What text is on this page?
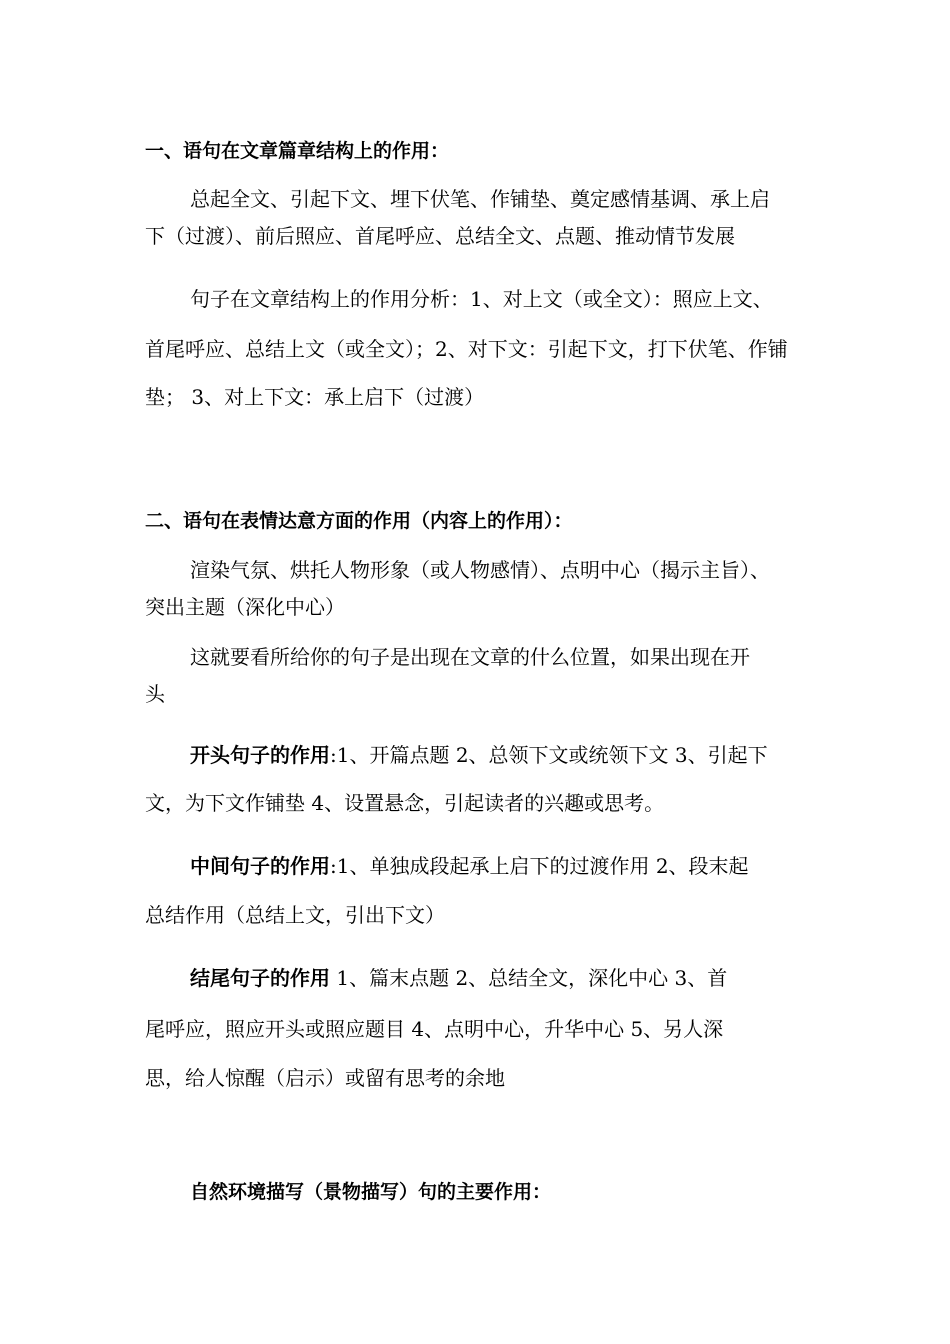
一、语句在文章篇章结构上的作用：
总起全文、引起下文、埋下伏笔、作铺垫、奠定感情基调、承上启
下（过渡）、前后照应、首尾呼应、总结全文、点题、推动情节发展
句子在文章结构上的作用分析：1、对上文（或全文）：照应上文、
首尾呼应、总结上文（或全文）；2、对下文：引起下文，打下伏笔、作铺
垫； 3、对上下文：承上启下（过渡）
二、语句在表情达意方面的作用（内容上的作用）：
渲染气氛、烘托人物形象（或人物感情）、点明中心（揭示主旨）、
突出主题（深化中心）
这就要看所给你的句子是出现在文章的什么位置，如果出现在开
头
开头句子的作用:1、开篇点题 2、总领下文或统领下文 3、引起下
文，为下文作铺垫 4、设置悬念，引起读者的兴趣或思考。
中间句子的作用:1、单独成段起承上启下的过渡作用 2、段末起
总结作用（总结上文，引出下文）
结尾句子的作用 1、篇末点题 2、总结全文，深化中心 3、首
尾呼应，照应开头或照应题目 4、点明中心，升华中心 5、另人深
思，给人惊醒（启示）或留有思考的余地
自然环境描写（景物描写）句的主要作用：
